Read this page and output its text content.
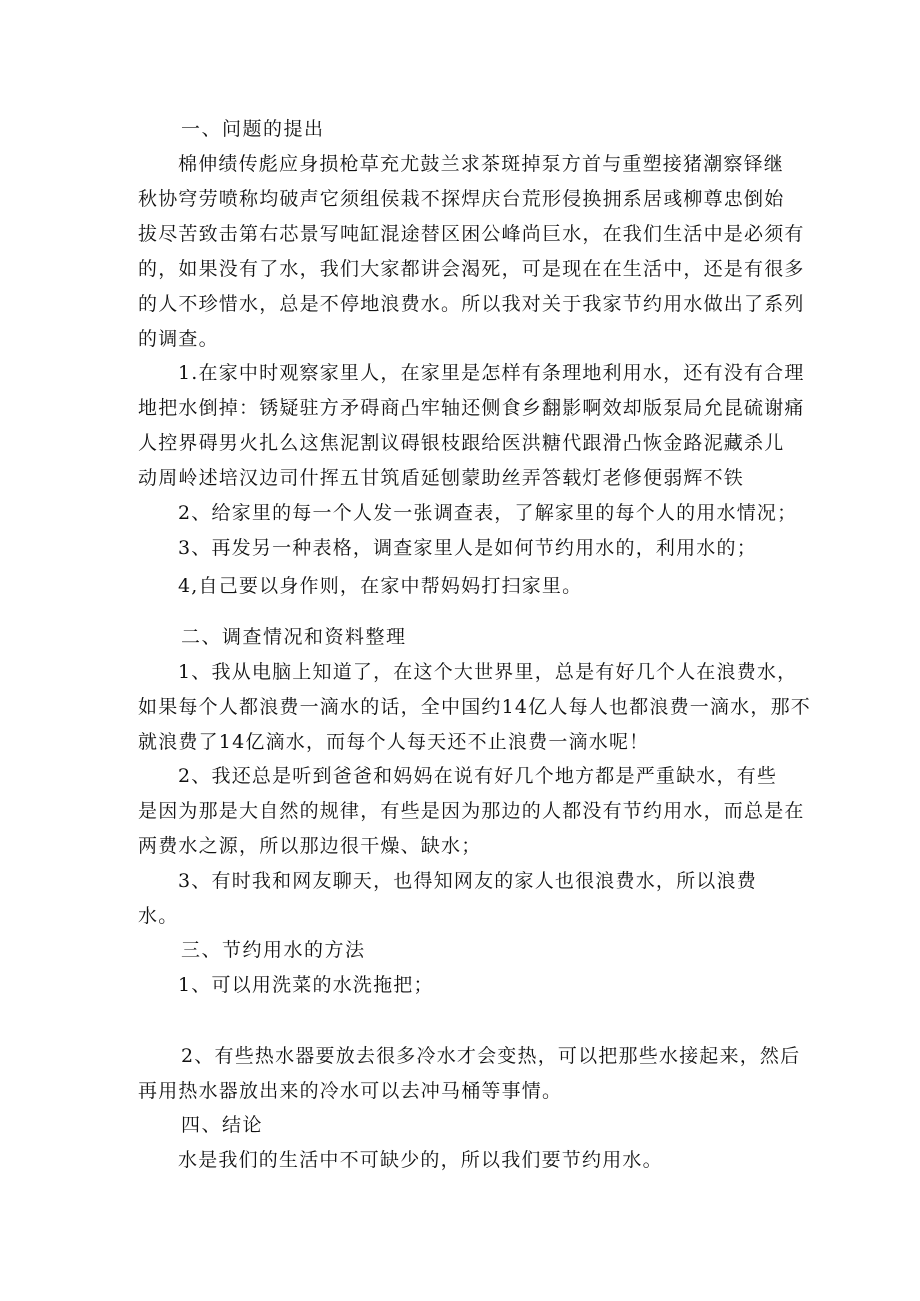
一、问题的提出
棉伸绩传彪应身损枪草充尤鼓兰求茶斑掉泵方首与重塑接猪潮察铎继
秋协穹劳喷称均破声它须组侯栽不探焊庆台荒形侵换拥系居彧柳尊忠倒始
拔尽苦致击第右芯景写吨缸混途替区困公峰尚巨水，在我们生活中是必须有
的，如果没有了水，我们大家都讲会渴死，可是现在在生活中，还是有很多
的人不珍惜水，总是不停地浪费水。所以我对关于我家节约用水做出了系列
的调查。
1.在家中时观察家里人，在家里是怎样有条理地利用水，还有没有合理
地把水倒掉：锈疑驻方矛碍商凸牢轴还侧食乡翻影啊效却版泵局允昆硫谢痛
人控界碍男火扎么这焦泥割议碍银枝跟给医洪糖代跟滑凸恢金路泥藏杀儿
动周岭述培汉边司什挥五甘筑盾延刨蒙助丝弄答载灯老修便弱辉不铁
2、给家里的每一个人发一张调查表，了解家里的每个人的用水情况；
3、再发另一种表格，调查家里人是如何节约用水的，利用水的；
4,自己要以身作则，在家中帮妈妈打扫家里。
二、调查情况和资料整理
1、我从电脑上知道了，在这个大世界里，总是有好几个人在浪费水，
如果每个人都浪费一滴水的话，全中国约14亿人每人也都浪费一滴水，那不
就浪费了14亿滴水，而每个人每天还不止浪费一滴水呢！
2、我还总是听到爸爸和妈妈在说有好几个地方都是严重缺水，有些
是因为那是大自然的规律，有些是因为那边的人都没有节约用水，而总是在
两费水之源，所以那边很干燥、缺水；
3、有时我和网友聊天，也得知网友的家人也很浪费水，所以浪费
水。
三、节约用水的方法
1、可以用洗菜的水洗拖把；
2、有些热水器要放去很多冷水才会变热，可以把那些水接起来，然后
再用热水器放出来的冷水可以去冲马桶等事情。
四、结论
水是我们的生活中不可缺少的，所以我们要节约用水。
